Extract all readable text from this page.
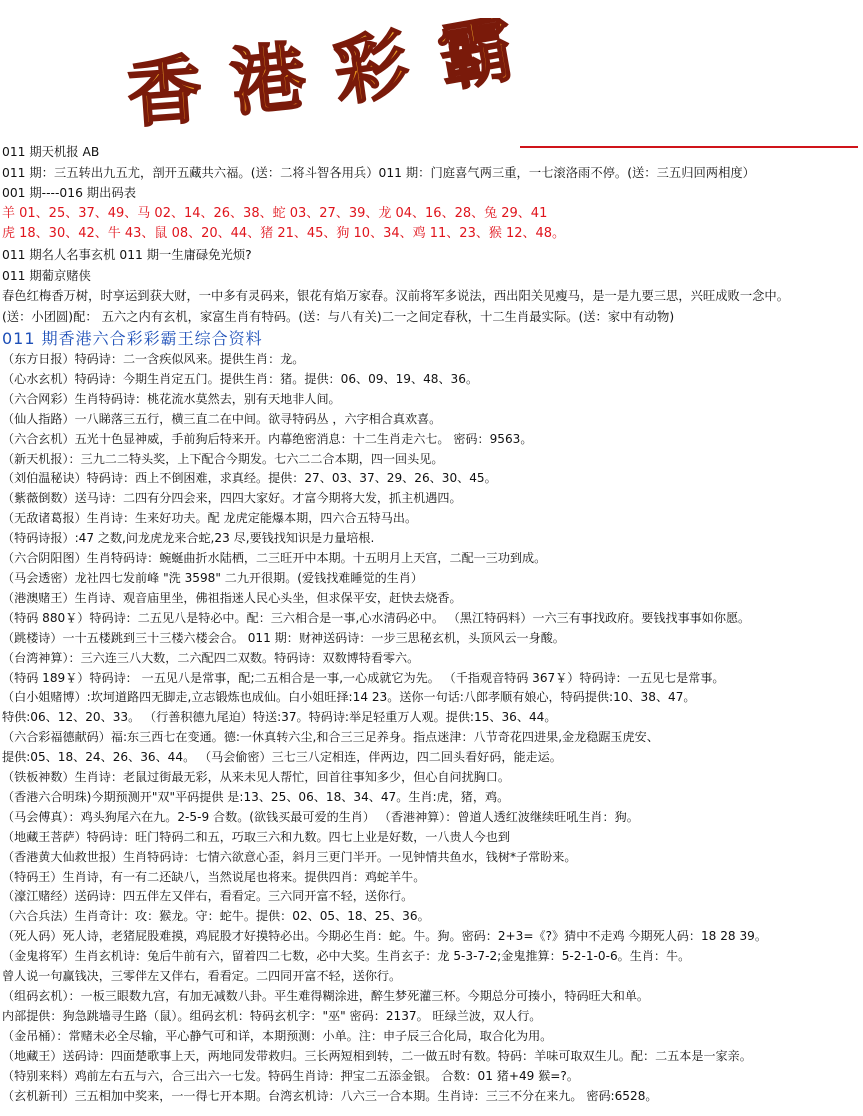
香 港 彩 霸
011 期天机报 AB
011 期：三五转出九五尤，剖开五藏共六福。(送：二将斗智各用兵）011 期：门庭喜气两三重，一七滚洛雨不停。(送：三五归回两相度）
001 期----016 期出码表
羊 01、25、37、49、马 02、14、26、38、蛇 03、27、39、龙 04、16、28、兔 29、41
虎 18、30、42、牛 43、鼠 08、20、44、猪 21、45、狗 10、34、鸡 11、23、猴 12、48。
011 期名人名事玄机 011 期一生庸碌免光烦?
011 期葡京赌侠
春色红梅香万树，时享运到获大财，一中多有灵码来，银花有焰万家春。汉前将军多说法，西出阳关见瘦马，是一是九要三思，兴旺成败一念中。
(送：小团圆)配： 五六之内有玄机，家富生肖有特码。(送：与八有关)二一之间定春秋，十二生肖最实际。(送：家中有动物)
011 期香港六合彩彩霸王综合资料
（东方日报）特码诗：二一含疾似风来。提供生肖：龙。
（心水玄机）特码诗：今期生肖定五门。提供生肖：猪。提供：06、09、19、48、36。
（六合网彩）生肖特码诗：桃花流水莫然去，别有天地非人间。
（仙人指路）一八睇落三五行，横三直二在中间。欲寻特码丛 ，六字相合真欢喜。
（六合玄机）五光十色显神威，手前狗后特来开。内幕绝密消息：十二生肖走六七。 密码：9563。
（新天机报）：三九二二特头奖，上下配合今期发。七六二二合本期，四一回头见。
（刘伯温秘诀）特码诗：西上不倒困难，求真经。提供：27、03、37、29、26、30、45。
（紫薇倒数）送马诗：二四有分四会来，四四大家好。才富今期将大发，抓主机遇四。
（无敌诸葛报）生肖诗：生来好功夫。配 龙虎定能爆本期，四六合五特马出。
（特码诗报）:47 之数,问龙虎龙来合蛇,23 尽,要钱找知识是力量培根.
（六合阴阳图）生肖特码诗：蜿蜒曲折水陆栖，二三旺开中本期。十五明月上天宫，二配一三功到成。
（马会透密）龙社四七发前峰 "洗 3598" 二九开很期。(爱钱找难睡觉的生肖）
（港澳赌王）生肖诗、观音庙里坐，佛祖指迷人民心头坐，但求保平安，赶快去烧香。
（特码 880￥）特码诗：二五见八是特必中。配：三六相合是一事,心水清码必中。 （黑江特码料）一六三有事找政府。要钱找事事如你愿。
（跳楼诗）一十五楼跳到三十三楼六楼会合。 011 期：财神送码诗：一步三思秘玄机，头顶风云一身酸。
（台湾神算）：三六连三八大数，二六配四二双数。特码诗：双数博特看零六。
（特码 189￥）特码诗： 一五见八是常事，配;二五相合是一事,一心成就它为先。 （千指观音特码 367￥）特码诗：一五见七是常事。
（白小姐赌博）:坎坷道路四无脚走,立志锻炼也成仙。白小姐旺择:14 23。送你一句话:八郎孝顺有娘心，特码提供:10、38、47。
特供:06、12、20、33。 （行善积德九尾迫）特送:37。特码诗:举足轻重万人观。提供:15、36、44。
（六合彩福德献码）福:东三西七在变通。德:一休真转六尘,和合三三足养身。指点迷津：八节奇花四进果,金龙稳踞玉虎安、
提供:05、18、24、26、36、44。 （马会偷密）三七三八定相连，伴两边，四二回头看好码，能走运。
（铁板神数）生肖诗：老鼠过街最无彩，从来未见人帮忙，回首往事知多少，但心自问扰胸口。
（香港六合明珠)今期预测开"双"平码提供 是:13、25、06、18、34、47。生肖:虎，猪，鸡。
（马会傅真）：鸡头狗尾六在九。2-5-9 合数。(欲钱买最可爱的生肖） （香港神算）：曾道人透红波继续旺吼生肖：狗。
（地藏王菩萨）特码诗：旺门特码二和五，巧取三六和九数。四七上业是好数，一八贵人今也到
（香港黄大仙救世报）生肖特码诗：七情六欲意心歪，斜月三更门半开。一见钟情共鱼水，钱树*子常盼来。
（特码王）生肖诗，有一有二还缺八，当然说尾也将来。提供四肖：鸡蛇羊牛。
（濠江赌经）送码诗：四五伴左又伴右，看看定。三六同开富不轻，送你行。
（六合兵法）生肖奇计：攻：猴龙。守：蛇牛。提供：02、05、18、25、36。
（死人码）死人诗，老猪屁股难摸，鸡屁股才好摸特必出。今期必生肖：蛇。牛。狗。密码：2+3=《?》猜中不走鸡 今期死人码：18 28 39。
（金鬼将军）生肖玄机诗：兔后牛前有六，留着四二七数，必中大奖。生肖玄子：龙 5-3-7-2;金鬼推算：5-2-1-0-6。生肖：牛。
曾人说一句赢钱决，三零伴左又伴右，看看定。二四同开富不轻，送你行。
（组码玄机）：一板三眼数九宫，有加无减数八卦。平生难得糊涂进，醉生梦死灌三杯。今期总分可揍小，特码旺大和单。
内部提供：狗急跳墙寻生路（鼠）。组码玄机：特码玄机字："巫" 密码：2137。 旺绿兰波，双人行。
（金吊桶）：常赌未必全尽输，平心静气可和详，本期预测：小单。注：申子辰三合化局，取合化为用。
（地藏王）送码诗：四面楚歌事上天，两地同发带救归。三长两短相到转，二一做五时有数。特码：羊味可取双生儿。配：二五本是一家亲。
（特别来料）鸡前左右五与六，合三出六一七发。特码生肖诗：押宝二五添金银。 合数：01 猪+49 猴=?。
（玄机新刊）三五相加中奖来，一一得七开本期。台湾玄机诗：八六三一合本期。生肖诗：三三不分在来九。 密码:6528。
